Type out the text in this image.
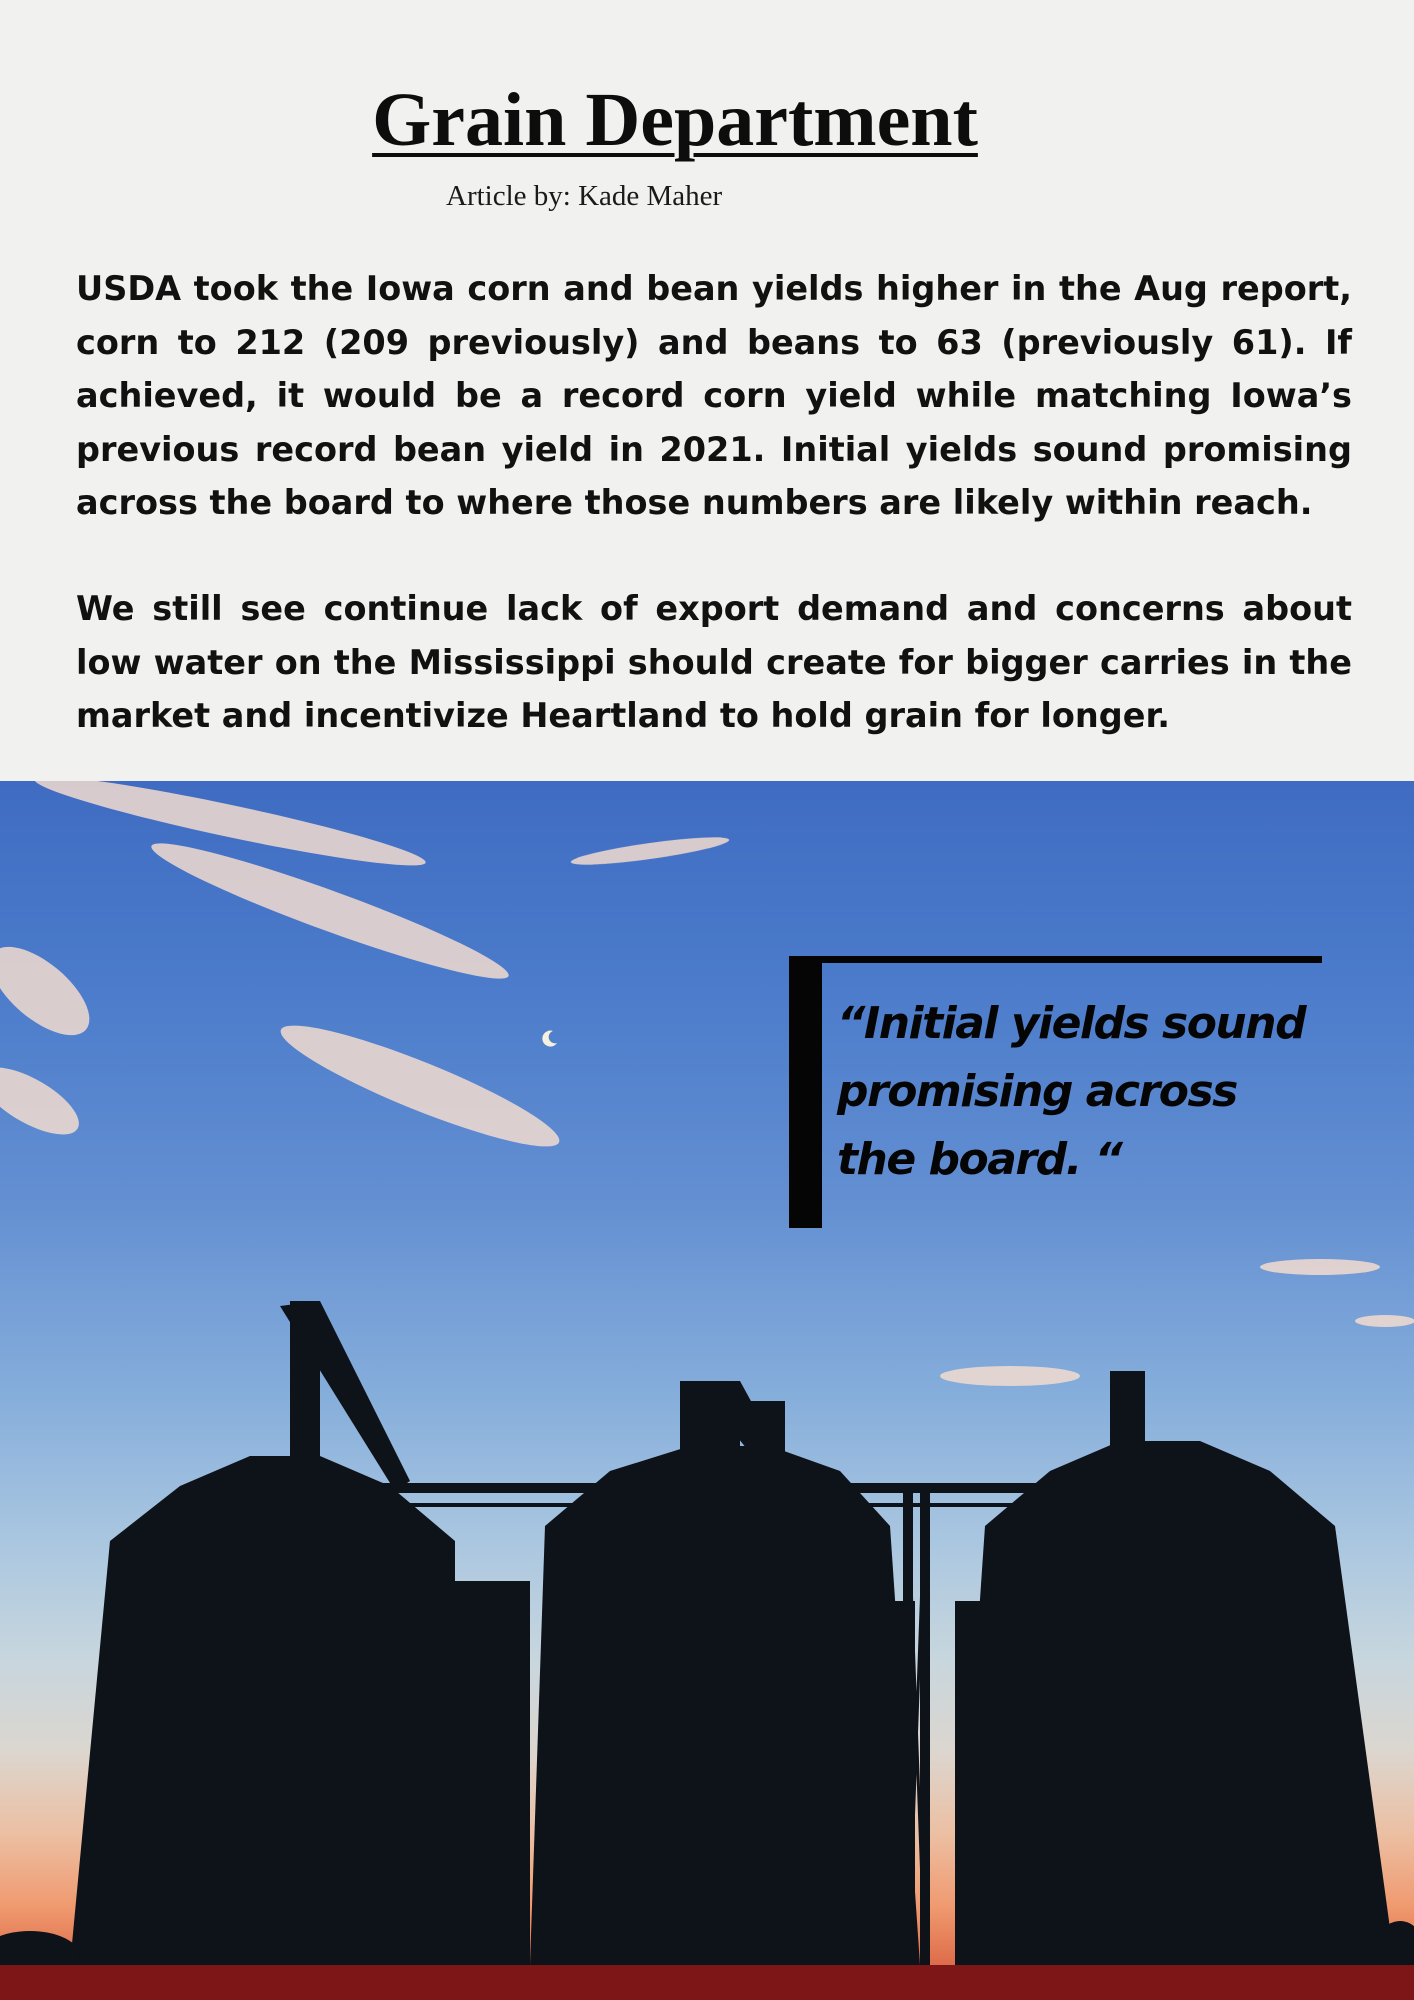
Grain Department
Article by: Kade Maher

USDA took the Iowa corn and bean yields higher in the Aug report, corn to 212 (209 previously) and beans to 63 (previously 61). If achieved, it would be a record corn yield while matching Iowa’s previous record bean yield in 2021. Initial yields sound promising across the board to where those numbers are likely within reach.

We still see continue lack of export demand and concerns about low water on the Mississippi should create for bigger carries in the market and incentivize Heartland to hold grain for longer.

“Initial yields sound promising across the board. “
